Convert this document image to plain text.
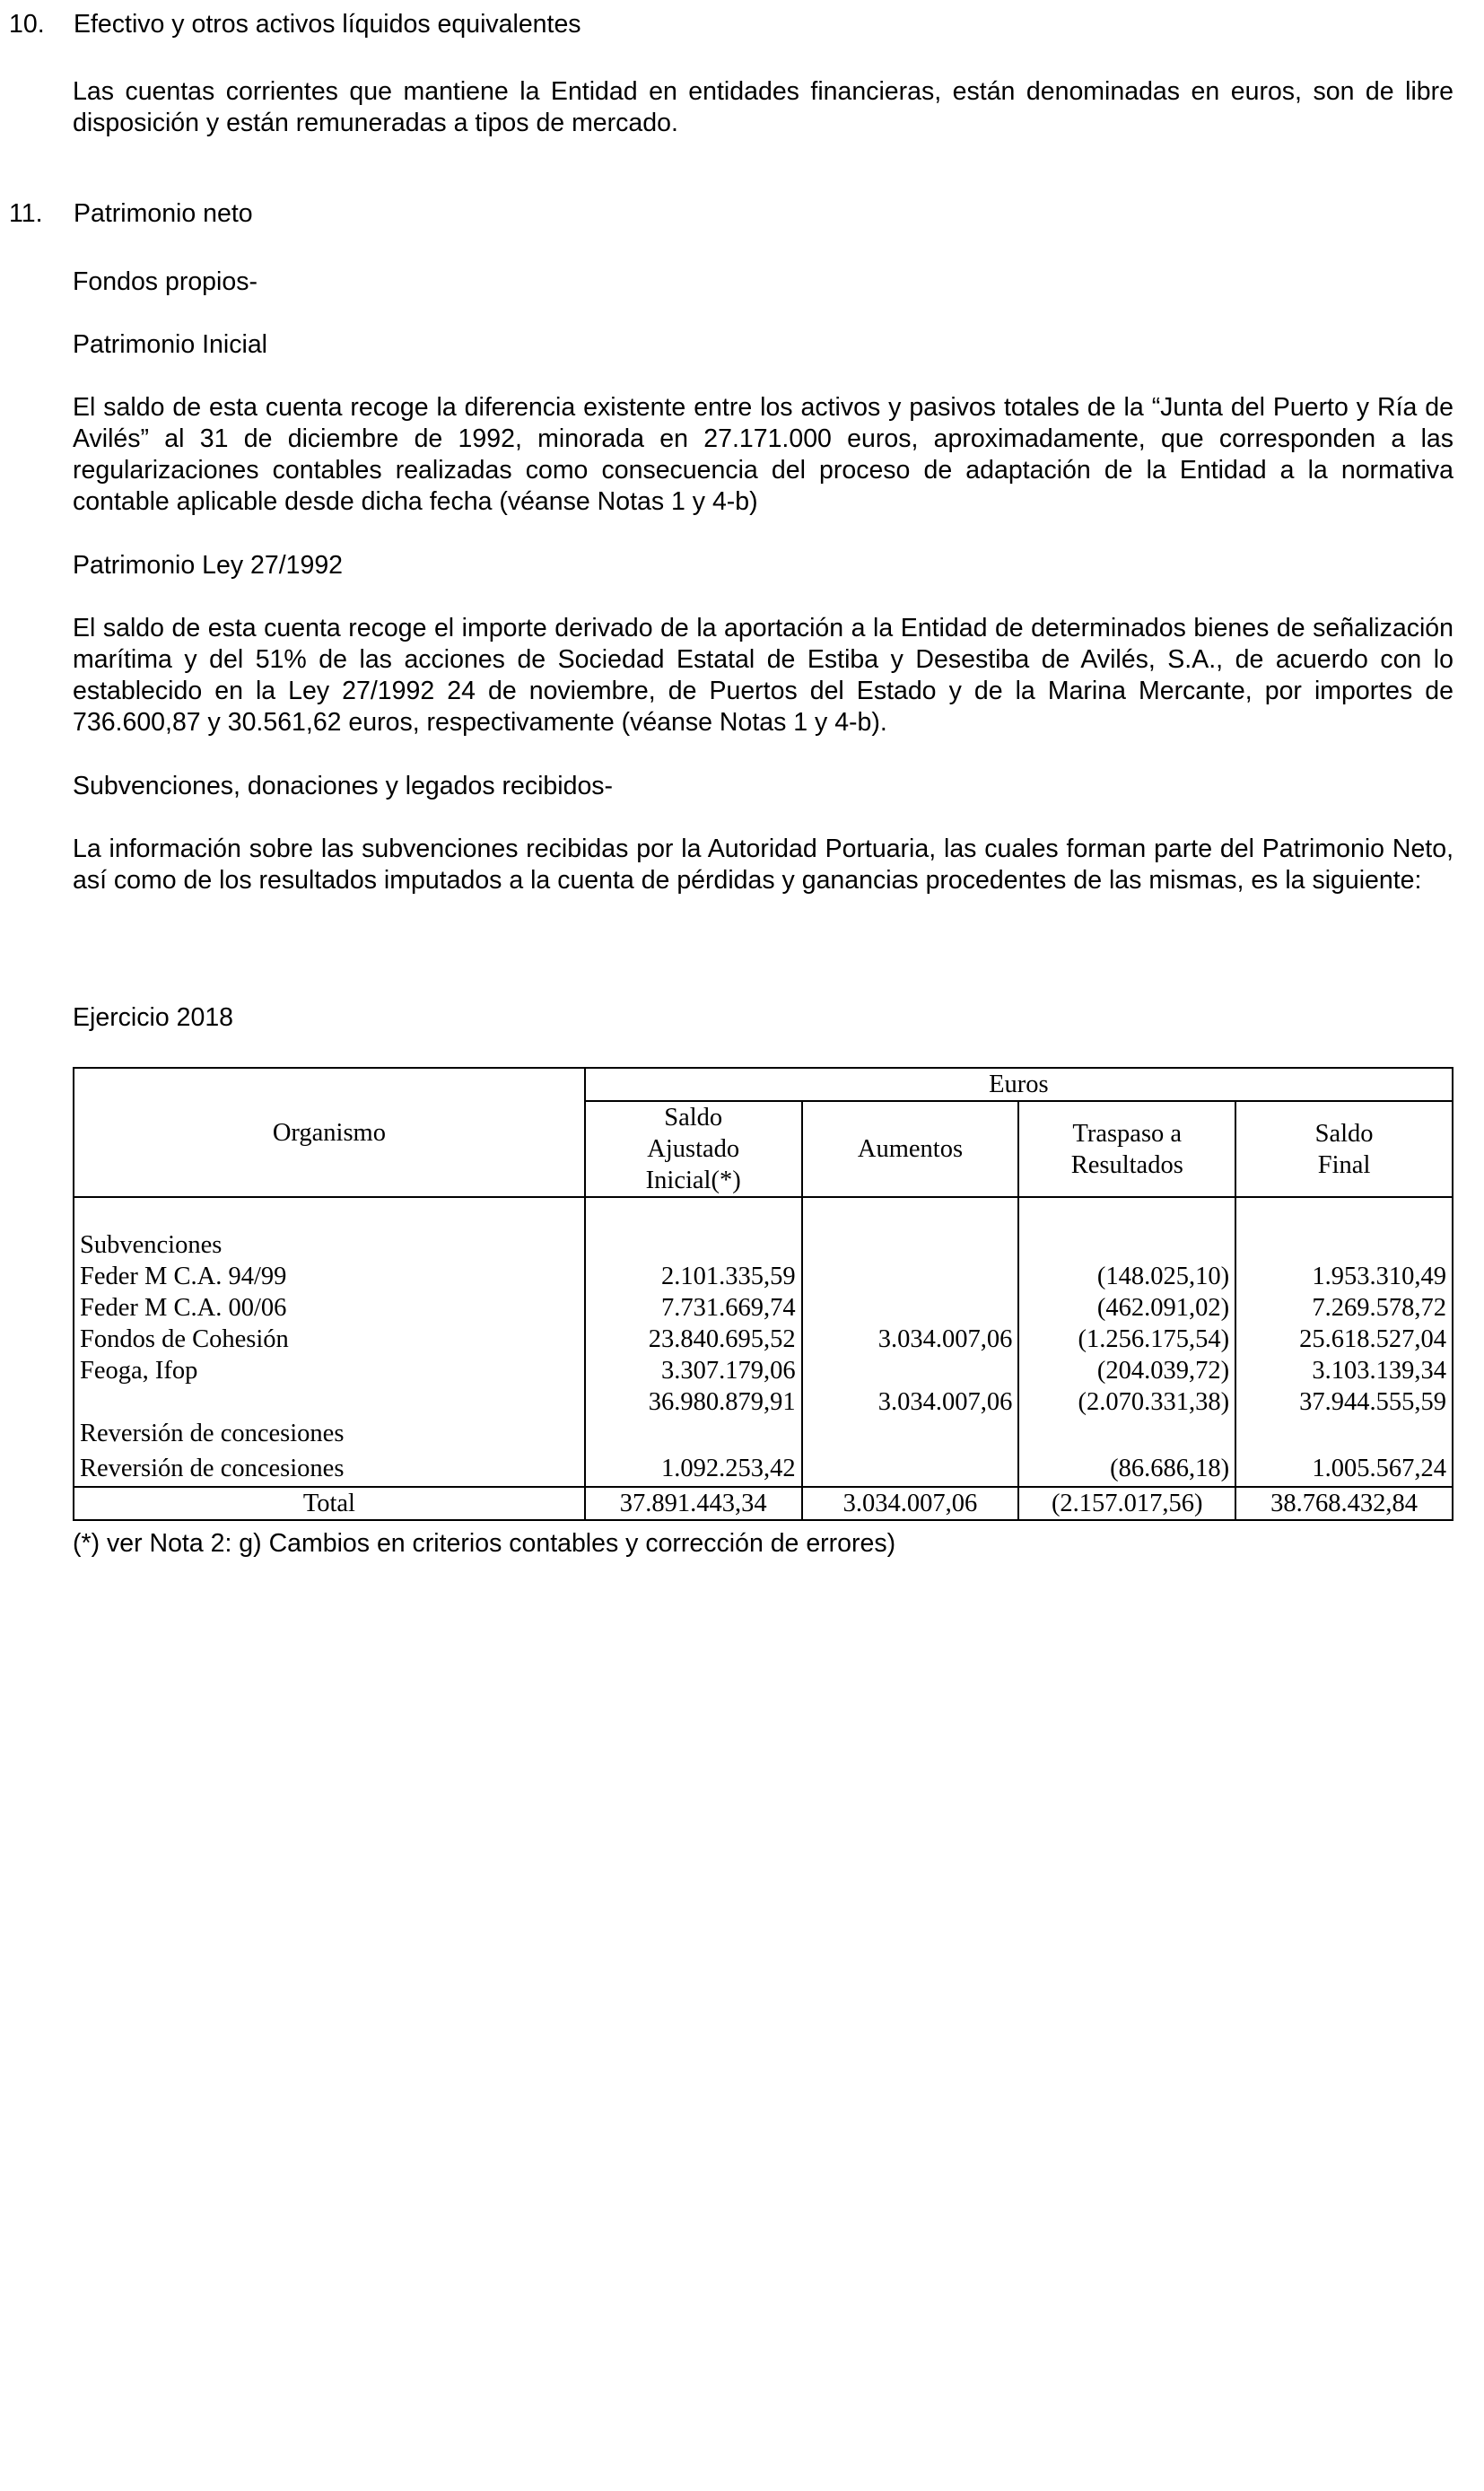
10. Efectivo y otros activos líquidos equivalentes

Las cuentas corrientes que mantiene la Entidad en entidades financieras, están denominadas en euros, son de libre disposición y están remuneradas a tipos de mercado.

11. Patrimonio neto

Fondos propios-

Patrimonio Inicial

El saldo de esta cuenta recoge la diferencia existente entre los activos y pasivos totales de la “Junta del Puerto y Ría de Avilés” al 31 de diciembre de 1992, minorada en 27.171.000 euros, aproximadamente, que corresponden a las regularizaciones contables realizadas como consecuencia del proceso de adaptación de la Entidad a la normativa contable aplicable desde dicha fecha (véanse Notas 1 y 4-b)

Patrimonio Ley 27/1992

El saldo de esta cuenta recoge el importe derivado de la aportación a la Entidad de determinados bienes de señalización marítima y del 51% de las acciones de Sociedad Estatal de Estiba y Desestiba de Avilés, S.A., de acuerdo con lo establecido en la Ley 27/1992 24 de noviembre, de Puertos del Estado y de la Marina Mercante, por importes de 736.600,87 y 30.561,62 euros, respectivamente (véanse Notas 1 y 4-b).

Subvenciones, donaciones y legados recibidos-

La información sobre las subvenciones recibidas por la Autoridad Portuaria, las cuales forman parte del Patrimonio Neto, así como de los resultados imputados a la cuenta de pérdidas y ganancias procedentes de las mismas, es la siguiente:

Ejercicio 2018

Organismo	Euros			
	Saldo
Ajustado
Inicial(*)	Aumentos	Traspaso a
Resultados	Saldo
Final

Subvenciones				
Feder M C.A. 94/99	2.101.335,59		(148.025,10)	1.953.310,49
Feder M C.A. 00/06	7.731.669,74		(462.091,02)	7.269.578,72
Fondos de Cohesión	23.840.695,52	3.034.007,06	(1.256.175,54)	25.618.527,04
Feoga, Ifop	3.307.179,06		(204.039,72)	3.103.139,34
	36.980.879,91	3.034.007,06	(2.070.331,38)	37.944.555,59
Reversión de concesiones				
Reversión de concesiones	1.092.253,42		(86.686,18)	1.005.567,24
Total	37.891.443,34	3.034.007,06	(2.157.017,56)	38.768.432,84

(*) ver Nota 2: g) Cambios en criterios contables y corrección de errores)
